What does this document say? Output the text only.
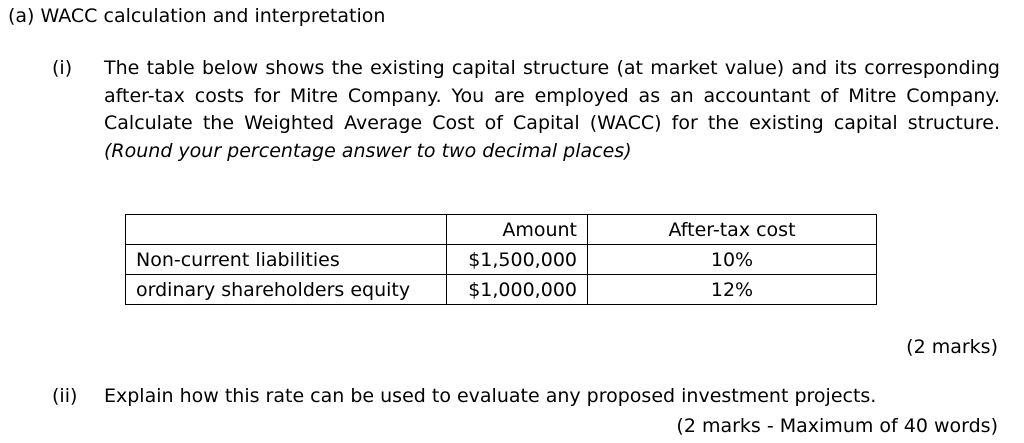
(a) WACC calculation and interpretation
(i) The table below shows the existing capital structure (at market value) and its corresponding after-tax costs for Mitre Company. You are employed as an accountant of Mitre Company. Calculate the Weighted Average Cost of Capital (WACC) for the existing capital structure. (Round your percentage answer to two decimal places)
	Amount	After-tax cost
Non-current liabilities	$1,500,000	10%
ordinary shareholders equity	$1,000,000	12%
(2 marks)
(ii) Explain how this rate can be used to evaluate any proposed investment projects.
(2 marks - Maximum of 40 words)
